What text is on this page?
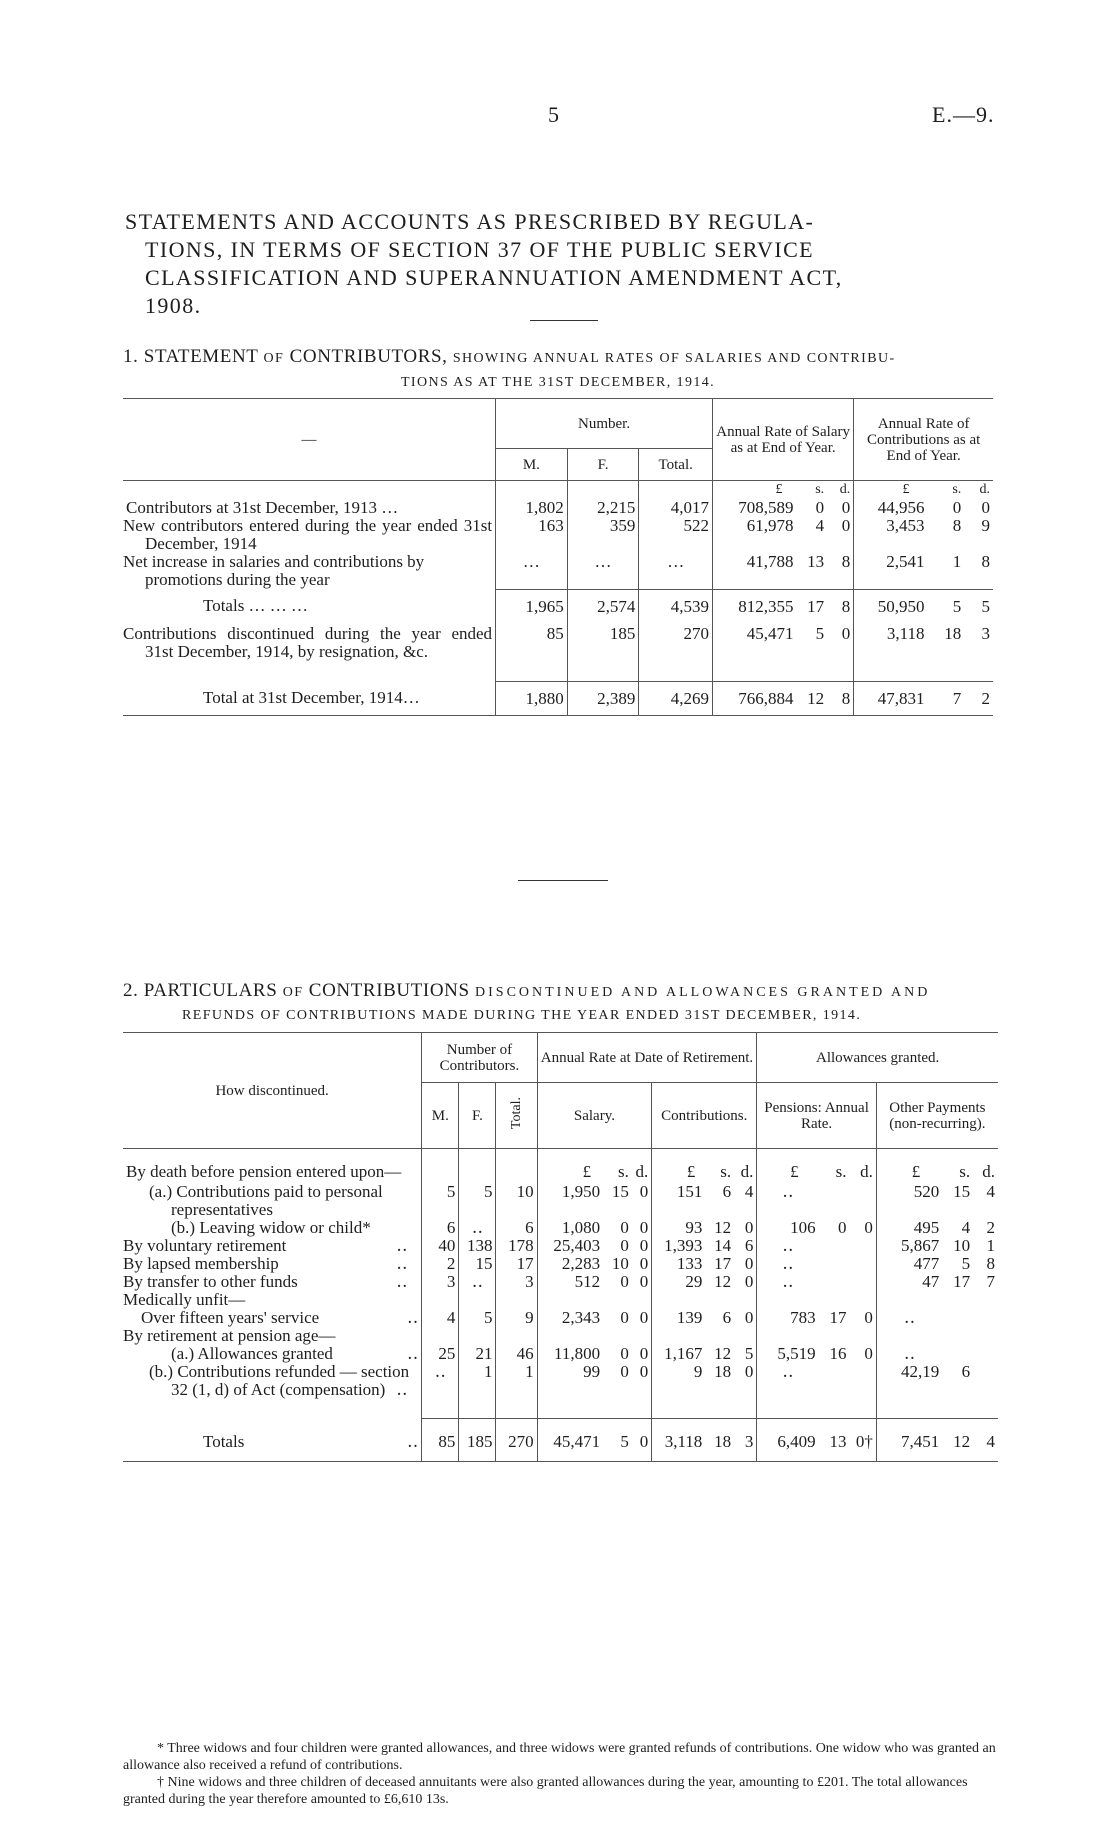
5	E.—9.
STATEMENTS AND ACCOUNTS AS PRESCRIBED BY REGULA-
TIONS, IN TERMS OF SECTION 37 OF THE PUBLIC SERVICE
CLASSIFICATION AND SUPERANNUATION AMENDMENT ACT,
1908.
1. STATEMENT OF CONTRIBUTORS, SHOWING ANNUAL RATES OF SALARIES AND CONTRIBU-
TIONS AS AT THE 31ST DECEMBER, 1914.
—	Number.			Annual Rate of Salary as at End of Year.			Annual Rate of Contributions as at End of Year.		
	M.	F.	Total.						
				£	s.	d.	£	s.	d.
Contributors at 31st December, 1913 …	1,802	2,215	4,017	708,589	0	0	44,956	0	0
New contributors entered during the year ended 31st December, 1914	163	359	522	61,978	4	0	3,453	8	9
Net increase in salaries and contributions by promotions during the year	…	…	…	41,788	13	8	2,541	1	8
Totals … … …	1,965	2,574	4,539	812,355	17	8	50,950	5	5
Contributions discontinued during the year ended 31st December, 1914, by resignation, &c.	85	185	270	45,471	5	0	3,118	18	3
Total at 31st December, 1914…	1,880	2,389	4,269	766,884	12	8	47,831	7	2
2. PARTICULARS OF CONTRIBUTIONS DISCONTINUED AND ALLOWANCES GRANTED AND
REFUNDS OF CONTRIBUTIONS MADE DURING THE YEAR ENDED 31ST DECEMBER, 1914.
How discontinued.	Number of Contributors.			Annual Rate at Date of Retirement.						Allowances granted.					
	M.	F.	Total.	Salary.			Contributions.			Pensions: Annual Rate.			Other Payments (non-recurring).		
By death before pension entered upon—				£	s.	d.	£	s.	d.	£	s.	d.	£	s.	d.
(a.) Contributions paid to personal representatives	5	5	10	1,950	15	0	151	6	4	‥			520	15	4
(b.) Leaving widow or child*	6	‥	6	1,080	0	0	93	12	0	106	0	0	495	4	2
By voluntary retirement ‥	40	138	178	25,403	0	0	1,393	14	6	‥			5,867	10	1
By lapsed membership ‥	2	15	17	2,283	10	0	133	17	0	‥			477	5	8
By transfer to other funds ‥	3	‥	3	512	0	0	29	12	0	‥			47	17	7
Medically unfit—															
Over fifteen years' service ‥	4	5	9	2,343	0	0	139	6	0	783	17	0	‥		
By retirement at pension age—															
(a.) Allowances granted ‥	25	21	46	11,800	0	0	1,167	12	5	5,519	16	0	‥		
(b.) Contributions refunded — section 32 (1, d) of Act (compensation) ‥	‥	1	1	99	0	0	9	18	0	‥			42,19	6	
Totals ‥	85	185	270	45,471	5	0	3,118	18	3	6,409	13	0†	7,451	12	4

* Three widows and four children were granted allowances, and three widows were granted refunds of contributions. One widow who was granted an allowance also received a refund of contributions.

† Nine widows and three children of deceased annuitants were also granted allowances during the year, amounting to £201. The total allowances granted during the year therefore amounted to £6,610 13s.
